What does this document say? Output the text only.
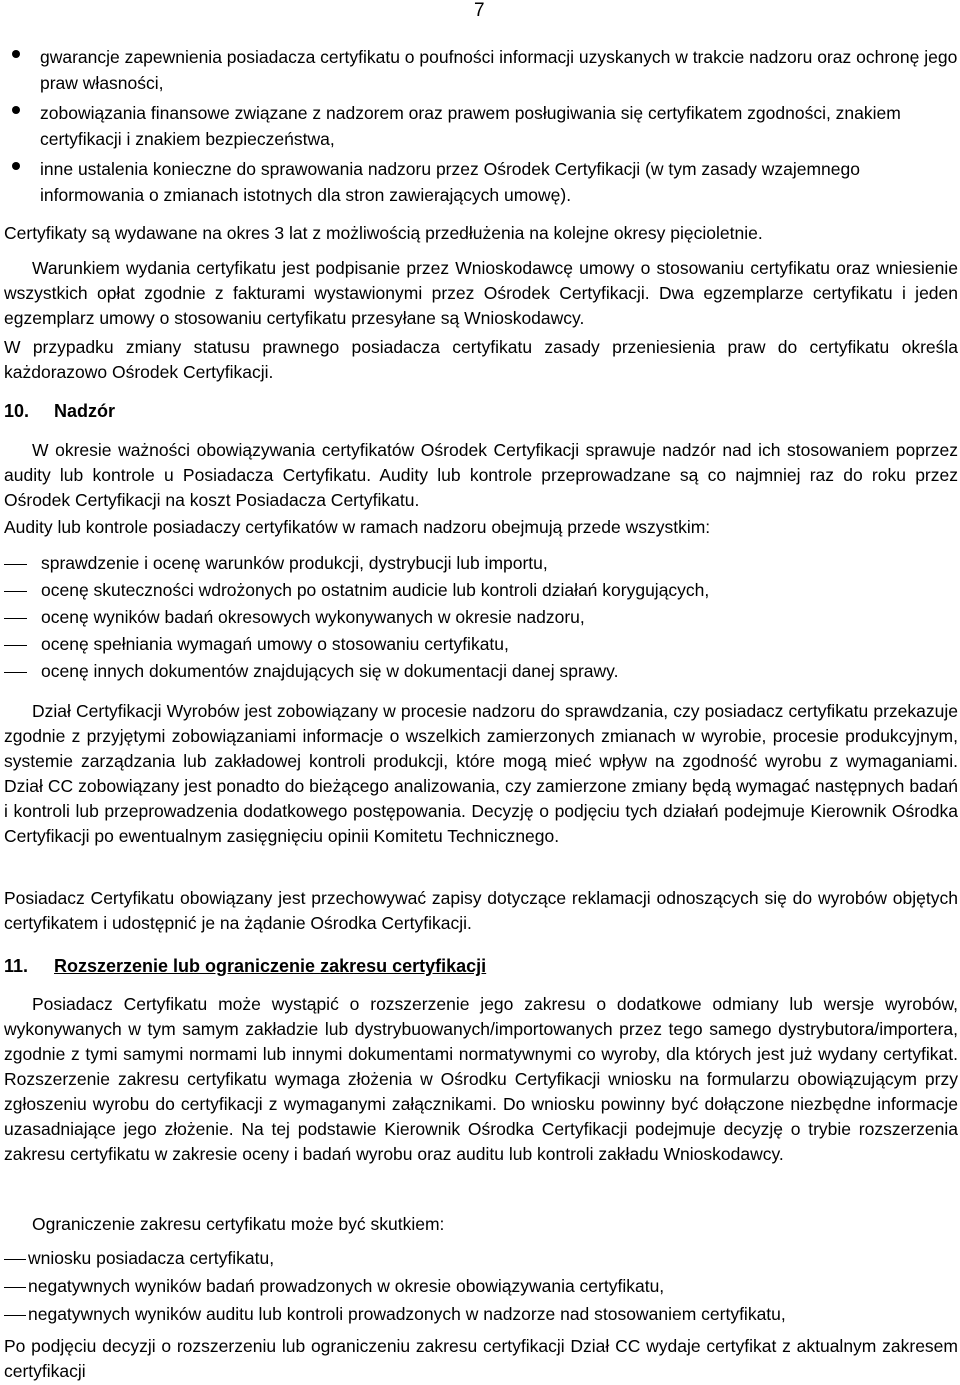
7
gwarancje zapewnienia posiadacza certyfikatu o poufności informacji uzyskanych w trakcie nadzoru oraz ochronę jego praw własności,
zobowiązania finansowe związane z nadzorem oraz prawem posługiwania się certyfikatem zgodności, znakiem certyfikacji i znakiem bezpieczeństwa,
inne ustalenia konieczne do sprawowania nadzoru przez Ośrodek Certyfikacji (w tym zasady wzajemnego informowania o zmianach istotnych dla stron zawierających umowę).

Certyfikaty są wydawane na okres 3 lat z możliwością przedłużenia na kolejne okresy pięcioletnie.

Warunkiem wydania certyfikatu jest podpisanie przez Wnioskodawcę umowy o stosowaniu certyfikatu oraz wniesienie wszystkich opłat zgodnie z fakturami wystawionymi przez Ośrodek Certyfikacji. Dwa egzemplarze certyfikatu i jeden egzemplarz umowy o stosowaniu certyfikatu przesyłane są Wnioskodawcy.

W przypadku zmiany statusu prawnego posiadacza certyfikatu zasady przeniesienia praw do certyfikatu określa każdorazowo Ośrodek Certyfikacji.

10. Nadzór

W okresie ważności obowiązywania certyfikatów Ośrodek Certyfikacji sprawuje nadzór nad ich stosowaniem poprzez audity lub kontrole u Posiadacza Certyfikatu. Audity lub kontrole przeprowadzane są co najmniej raz do roku przez Ośrodek Certyfikacji na koszt Posiadacza Certyfikatu.

Audity lub kontrole posiadaczy certyfikatów w ramach nadzoru obejmują przede wszystkim:

sprawdzenie i ocenę warunków produkcji, dystrybucji lub importu,
ocenę skuteczności wdrożonych po ostatnim audicie lub kontroli działań korygujących,
ocenę wyników badań okresowych wykonywanych w okresie nadzoru,
ocenę spełniania wymagań umowy o stosowaniu certyfikatu,
ocenę innych dokumentów znajdujących się w dokumentacji danej sprawy.

Dział Certyfikacji Wyrobów jest zobowiązany w procesie nadzoru do sprawdzania, czy posiadacz certyfikatu przekazuje zgodnie z przyjętymi zobowiązaniami informacje o wszelkich zamierzonych zmianach w wyrobie, procesie produkcyjnym, systemie zarządzania lub zakładowej kontroli produkcji, które mogą mieć wpływ na zgodność wyrobu z wymaganiami. Dział CC zobowiązany jest ponadto do bieżącego analizowania, czy zamierzone zmiany będą wymagać następnych badań i kontroli lub przeprowadzenia dodatkowego postępowania. Decyzję o podjęciu tych działań podejmuje Kierownik Ośrodka Certyfikacji po ewentualnym zasięgnięciu opinii Komitetu Technicznego.

Posiadacz Certyfikatu obowiązany jest przechowywać zapisy dotyczące reklamacji odnoszących się do wyrobów objętych certyfikatem i udostępnić je na żądanie Ośrodka Certyfikacji.

11. Rozszerzenie lub ograniczenie zakresu certyfikacji

Posiadacz Certyfikatu może wystąpić o rozszerzenie jego zakresu o dodatkowe odmiany lub wersje wyrobów, wykonywanych w tym samym zakładzie lub dystrybuowanych/importowanych przez tego samego dystrybutora/importera, zgodnie z tymi samymi normami lub innymi dokumentami normatywnymi co wyroby, dla których jest już wydany certyfikat. Rozszerzenie zakresu certyfikatu wymaga złożenia w Ośrodku Certyfikacji wniosku na formularzu obowiązującym przy zgłoszeniu wyrobu do certyfikacji z wymaganymi załącznikami. Do wniosku powinny być dołączone niezbędne informacje uzasadniające jego złożenie. Na tej podstawie Kierownik Ośrodka Certyfikacji podejmuje decyzję o trybie rozszerzenia zakresu certyfikatu w zakresie oceny i badań wyrobu oraz auditu lub kontroli zakładu Wnioskodawcy.

Ograniczenie zakresu certyfikatu może być skutkiem:

wniosku posiadacza certyfikatu,
negatywnych wyników badań prowadzonych w okresie obowiązywania certyfikatu,
negatywnych wyników auditu lub kontroli prowadzonych w nadzorze nad stosowaniem certyfikatu,

Po podjęciu decyzji o rozszerzeniu lub ograniczeniu zakresu certyfikacji Dział CC wydaje certyfikat z aktualnym zakresem certyfikacji
